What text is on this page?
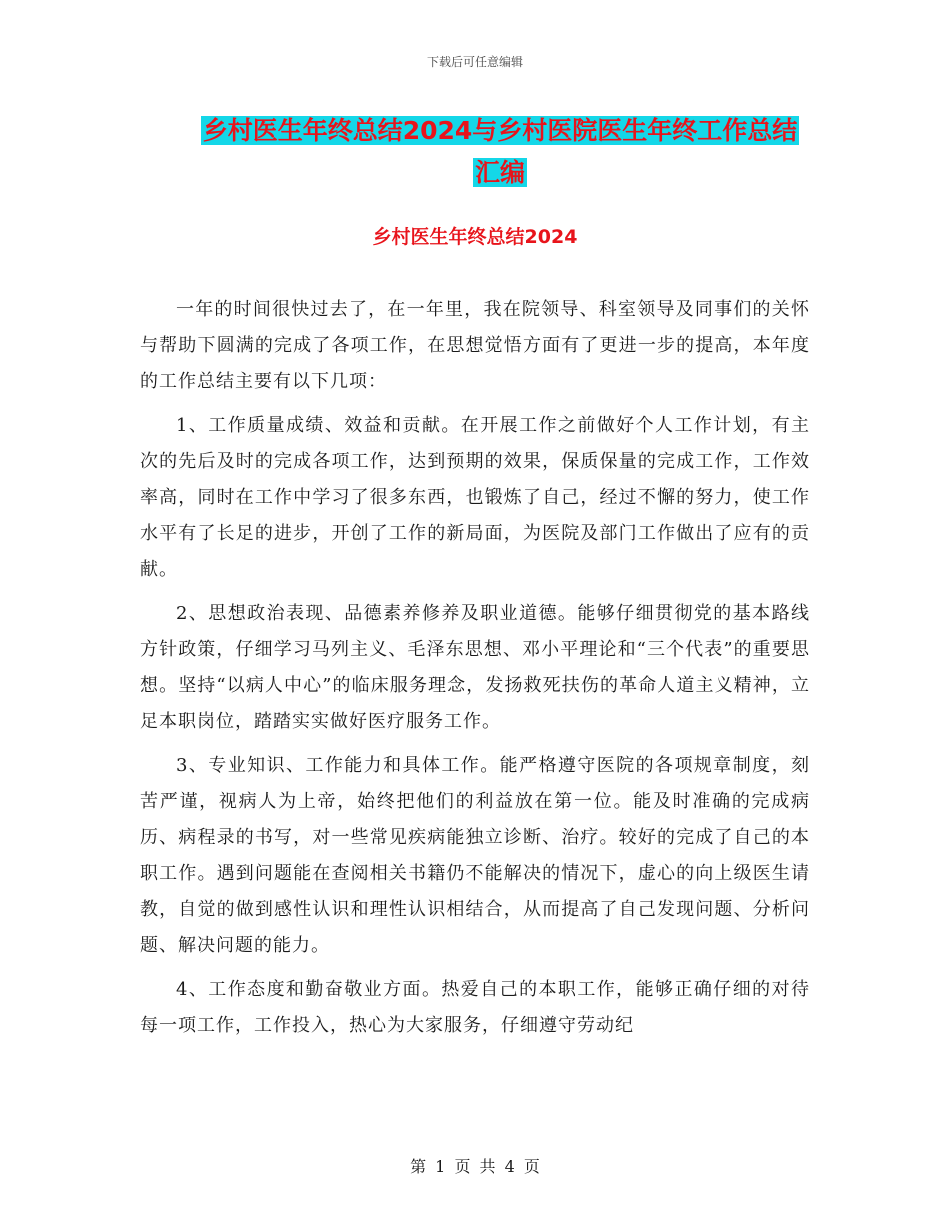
下载后可任意编辑
乡村医生年终总结2024与乡村医院医生年终工作总结
汇编
乡村医生年终总结2024

一年的时间很快过去了，在一年里，我在院领导、科室领导及同事们的关怀与帮助下圆满的完成了各项工作，在思想觉悟方面有了更进一步的提高，本年度的工作总结主要有以下几项：

1、工作质量成绩、效益和贡献。在开展工作之前做好个人工作计划，有主次的先后及时的完成各项工作，达到预期的效果，保质保量的完成工作，工作效率高，同时在工作中学习了很多东西，也锻炼了自己，经过不懈的努力，使工作水平有了长足的进步，开创了工作的新局面，为医院及部门工作做出了应有的贡献。

2、思想政治表现、品德素养修养及职业道德。能够仔细贯彻党的基本路线方针政策，仔细学习马列主义、毛泽东思想、邓小平理论和“三个代表”的重要思想。坚持“以病人中心”的临床服务理念，发扬救死扶伤的革命人道主义精神，立足本职岗位，踏踏实实做好医疗服务工作。

3、专业知识、工作能力和具体工作。能严格遵守医院的各项规章制度，刻苦严谨，视病人为上帝，始终把他们的利益放在第一位。能及时准确的完成病历、病程录的书写，对一些常见疾病能独立诊断、治疗。较好的完成了自己的本职工作。遇到问题能在查阅相关书籍仍不能解决的情况下，虚心的向上级医生请教，自觉的做到感性认识和理性认识相结合，从而提高了自己发现问题、分析问题、解决问题的能力。

4、工作态度和勤奋敬业方面。热爱自己的本职工作，能够正确仔细的对待每一项工作，工作投入，热心为大家服务，仔细遵守劳动纪

第 1 页 共 4 页
